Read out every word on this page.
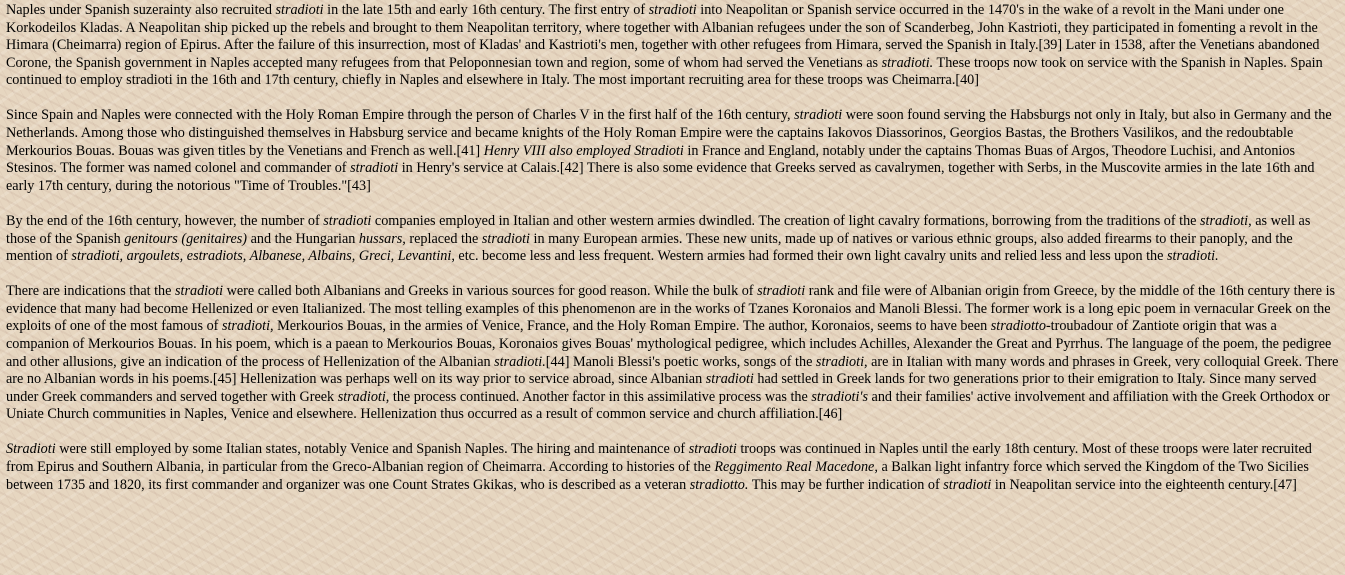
Naples under Spanish suzerainty also recruited stradioti in the late 15th and early 16th century. The first entry of stradioti into Neapolitan or Spanish service occurred in the 1470's in the wake of a revolt in the Mani under one Korkodeilos Kladas. A Neapolitan ship picked up the rebels and brought to them Neapolitan territory, where together with Albanian refugees under the son of Scanderbeg, John Kastrioti, they participated in fomenting a revolt in the Himara (Cheimarra) region of Epirus. After the failure of this insurrection, most of Kladas' and Kastrioti's men, together with other refugees from Himara, served the Spanish in Italy.[39] Later in 1538, after the Venetians abandoned Corone, the Spanish government in Naples accepted many refugees from that Peloponnesian town and region, some of whom had served the Venetians as stradioti. These troops now took on service with the Spanish in Naples. Spain continued to employ stradioti in the 16th and 17th century, chiefly in Naples and elsewhere in Italy. The most important recruiting area for these troops was Cheimarra.[40]

Since Spain and Naples were connected with the Holy Roman Empire through the person of Charles V in the first half of the 16th century, stradioti were soon found serving the Habsburgs not only in Italy, but also in Germany and the Netherlands. Among those who distinguished themselves in Habsburg service and became knights of the Holy Roman Empire were the captains Iakovos Diassorinos, Georgios Bastas, the Brothers Vasilikos, and the redoubtable Merkourios Bouas. Bouas was given titles by the Venetians and French as well.[41] Henry VIII also employed Stradioti in France and England, notably under the captains Thomas Buas of Argos, Theodore Luchisi, and Antonios Stesinos. The former was named colonel and commander of stradioti in Henry's service at Calais.[42] There is also some evidence that Greeks served as cavalrymen, together with Serbs, in the Muscovite armies in the late 16th and early 17th century, during the notorious "Time of Troubles."[43]

By the end of the 16th century, however, the number of stradioti companies employed in Italian and other western armies dwindled. The creation of light cavalry formations, borrowing from the traditions of the stradioti, as well as those of the Spanish genitours (genitaires) and the Hungarian hussars, replaced the stradioti in many European armies. These new units, made up of natives or various ethnic groups, also added firearms to their panoply, and the mention of stradioti, argoulets, estradiots, Albanese, Albains, Greci, Levantini, etc. become less and less frequent. Western armies had formed their own light cavalry units and relied less and less upon the stradioti.

There are indications that the stradioti were called both Albanians and Greeks in various sources for good reason. While the bulk of stradioti rank and file were of Albanian origin from Greece, by the middle of the 16th century there is evidence that many had become Hellenized or even Italianized. The most telling examples of this phenomenon are in the works of Tzanes Koronaios and Manoli Blessi. The former work is a long epic poem in vernacular Greek on the exploits of one of the most famous of stradioti, Merkourios Bouas, in the armies of Venice, France, and the Holy Roman Empire. The author, Koronaios, seems to have been stradiotto-troubadour of Zantiote origin that was a companion of Merkourios Bouas. In his poem, which is a paean to Merkourios Bouas, Koronaios gives Bouas' mythological pedigree, which includes Achilles, Alexander the Great and Pyrrhus. The language of the poem, the pedigree and other allusions, give an indication of the process of Hellenization of the Albanian stradioti.[44] Manoli Blessi's poetic works, songs of the stradioti, are in Italian with many words and phrases in Greek, very colloquial Greek. There are no Albanian words in his poems.[45] Hellenization was perhaps well on its way prior to service abroad, since Albanian stradioti had settled in Greek lands for two generations prior to their emigration to Italy. Since many served under Greek commanders and served together with Greek stradioti, the process continued. Another factor in this assimilative process was the stradioti's and their families' active involvement and affiliation with the Greek Orthodox or Uniate Church communities in Naples, Venice and elsewhere. Hellenization thus occurred as a result of common service and church affiliation.[46]

Stradioti were still employed by some Italian states, notably Venice and Spanish Naples. The hiring and maintenance of stradioti troops was continued in Naples until the early 18th century. Most of these troops were later recruited from Epirus and Southern Albania, in particular from the Greco-Albanian region of Cheimarra. According to histories of the Reggimento Real Macedone, a Balkan light infantry force which served the Kingdom of the Two Sicilies between 1735 and 1820, its first commander and organizer was one Count Strates Gkikas, who is described as a veteran stradiotto. This may be further indication of stradioti in Neapolitan service into the eighteenth century.[47]
